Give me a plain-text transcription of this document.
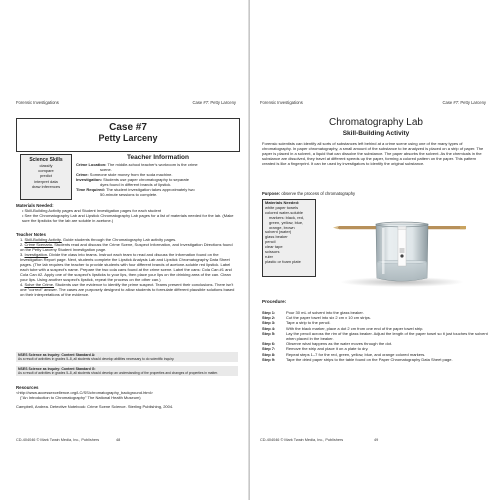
Forensic Investigations	Case #7: Petty Larceny
Case #7
Petty Larceny
Science Skills
classify
compare
predict
interpret data
draw inferences
Teacher Information
Crime Location: The middle-school teacher's workroom is the crime
scene.
Crime: Someone stole money from the soda machine.
Investigation: Students use paper chromatography to separate
dyes found in different brands of lipstick.
Time Required: The student investigation takes approximately two
50-minute sessions to complete.
Materials Needed:
• Skill-Building Activity pages and Student Investigation pages for each student
• See the Chromatography Lab and Lipstick Chromatography Lab pages for a list of materials needed for the lab. (Make sure the lipsticks for the lab are soluble in acetone.)
Teacher Notes
1. Skill-Building Activity. Guide students through the Chromatography Lab activity pages.
2. Crime Scenario. Students read and discuss the Crime Scene, Suspect Information, and Investigation Directions found on the Petty Larceny Student Investigation page.
3. Investigation. Divide the class into teams. Instruct each team to read and discuss the information found on the Investigation Report page. Next, students complete the Lipstick Analysis Lab and Lipstick Chromatography Data Sheet pages. (The lab requires the teacher to provide students with four different brands of acetone-soluble red lipstick. Label each tube with a suspect's name. Prepare the two cola cans found at the crime scene. Label the cans: Cola Can #1 and Cola Can #2. Apply one of the suspect's lipsticks to your lips, then place your lips on the drinking area of the can. Clean your lips. Using another suspect's lipstick, repeat the process on the other can.)
4. Solve the Crime. Students use the evidence to identify the prime suspect. Teams present their conclusions. There isn't one "correct" answer. The cases are purposely designed to allow students to formulate different plausible solutions based on their interpretations of the evidence.
NSES Science as Inquiry: Content Standard A:
As a result of activities in grades 5–8, all students should develop abilities necessary to do scientific inquiry.
NSES Science as Inquiry: Content Standard G:
As a result of activities in grades 5–8, all students should develop an understanding of the properties and changes of properties in matter.
Resources
<http://www.accessexcellence.org/LC/SS/chromatography_background.html>
("An Introduction to Chromatography" The National Health Museum)
Campbell, Andrea. Detective Notebook: Crime Scene Science. Sterling Publishing, 2004.
CD-404046 © Mark Twain Media, Inc., Publishers	48
Forensic Investigations	Case #7: Petty Larceny
Chromatography Lab
Skill-Building Activity
Forensic scientists can identify all sorts of substances left behind at a crime scene using one of the many types of chromatography. In paper chromatography, a small amount of the substance to be analyzed is placed on a strip of paper. The paper is placed in a solvent, a liquid that can dissolve the substance. The paper absorbs the solvent. As the chemicals in the substance are dissolved, they travel at different speeds up the paper, forming a colored pattern on the paper. This pattern created is like a fingerprint. It can be used by investigators to identify the original substance.
Purpose: observe the process of chromatography
Materials Needed:
white paper towels
colored water-soluble
markers: black, red,
green, yellow, blue,
orange, brown
solvent (water)
glass beaker
pencil
clear tape
scissors
ruler
plastic or foam plate
Procedure:
Step 1:	Pour 30 mL of solvent into the glass beaker.
Step 2:	Cut the paper towel into six 2 cm x 10 cm strips.
Step 3:	Tape a strip to the pencil.
Step 4:	With the black marker, place a dot 2 cm from one end of the paper towel strip.
Step 5:	Lay the pencil across the rim of the glass beaker. Adjust the length of the paper towel so it just touches the solvent when placed in the beaker.
Step 6:	Observe what happens as the water moves through the dot.
Step 7:	Remove the strip and place it on a plate to dry.
Step 8:	Repeat steps 1–7 for the red, green, yellow, blue, and orange colored markers.
Step 9:	Tape the dried paper strips to the table found on the Paper Chromatography Data Sheet page.
CD-404046 © Mark Twain Media, Inc., Publishers	49
